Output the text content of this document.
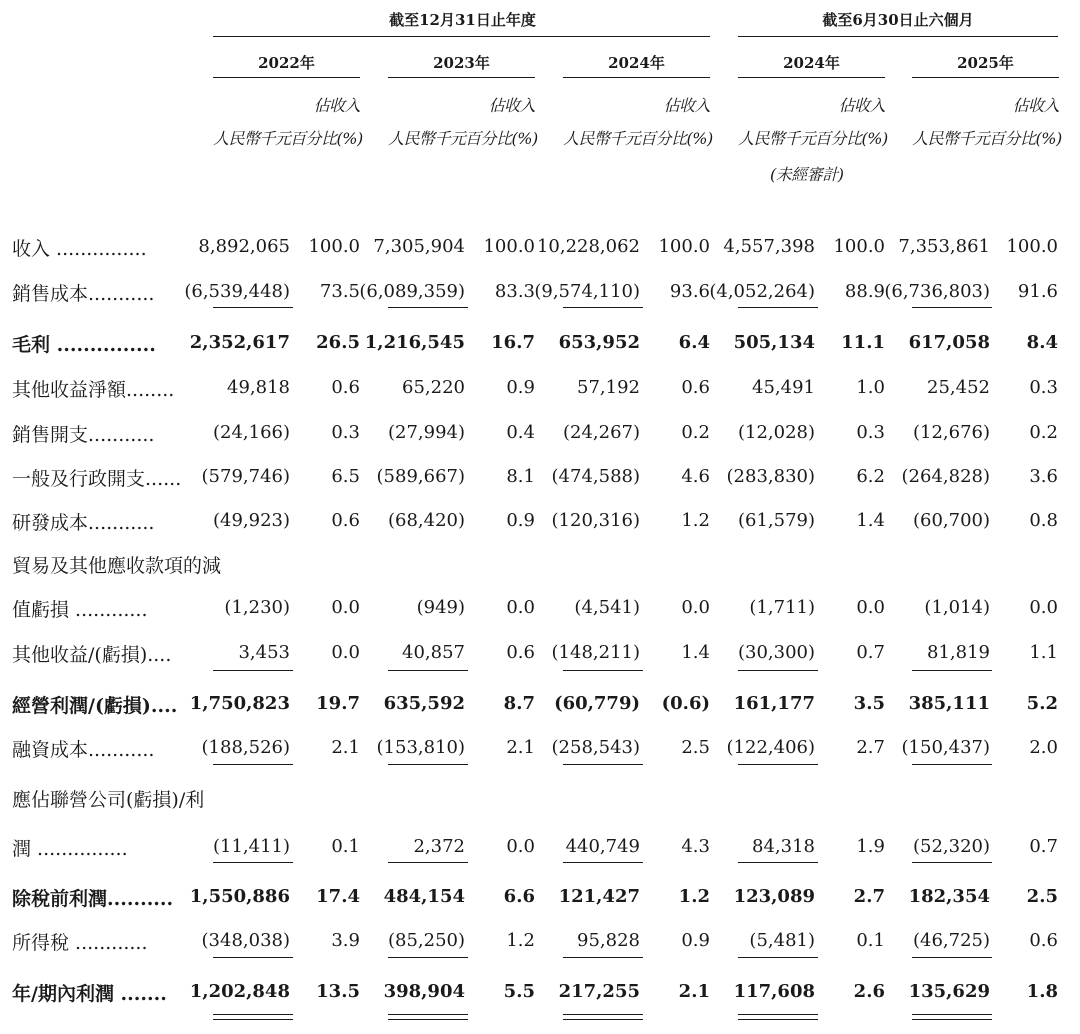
截至12月31日止年度	截至6月30日止六個月
2022年	2023年	2024年	2024年	2025年
佔收入	佔收入	佔收入	佔收入	佔收入
人民幣千元 百分比(%) 人民幣千元 百分比(%) 人民幣千元 百分比(%) 人民幣千元 百分比(%) 人民幣千元 百分比(%)
(未經審計)
收入 ...............	8,892,065	100.0 7,305,904	100.0 10,228,062	100.0 4,557,398	100.0 7,353,861 100.0
銷售成本...........	(6,539,448)	73.5 (6,089,359)	83.3 (9,574,110)	93.6 (4,052,264)	88.9 (6,736,803)	91.6
毛利 ...............	2,352,617	26.5 1,216,545	16.7	653,952	6.4	505,134	11.1	617,058	8.4
其他收益淨額........	49,818	0.6	65,220	0.9	57,192	0.6	45,491	1.0	25,452	0.3
銷售開支...........	(24,166)	0.3	(27,994)	0.4	(24,267)	0.2	(12,028)	0.3	(12,676)	0.2
一般及行政開支......	(579,746)	6.5 (589,667)	8.1 (474,588)	4.6 (283,830)	6.2 (264,828)	3.6
研發成本...........	(49,923)	0.6	(68,420)	0.9 (120,316)	1.2	(61,579)	1.4	(60,700)	0.8
貿易及其他應收款項的減
值虧損 ............	(1,230)	0.0	(949)	0.0	(4,541)	0.0	(1,711)	0.0	(1,014)	0.0
其他收益/(虧損)....	3,453	0.0	40,857	0.6 (148,211)	1.4	(30,300)	0.7	81,819	1.1
經營利潤/(虧損).... 1,750,823	19.7	635,592	8.7	(60,779)	(0.6)	161,177	3.5	385,111	5.2
融資成本...........	(188,526)	2.1 (153,810)	2.1 (258,543)	2.5 (122,406)	2.7 (150,437)	2.0
應佔聯營公司(虧損)/利
潤 ...............	(11,411)	0.1	2,372	0.0	440,749	4.3	84,318	1.9	(52,320)	0.7
除稅前利潤.......... 1,550,886	17.4	484,154	6.6	121,427	1.2	123,089	2.7	182,354	2.5
所得稅 ............	(348,038)	3.9	(85,250)	1.2	95,828	0.9	(5,481)	0.1	(46,725)	0.6
年/期內利潤 .......	1,202,848	13.5	398,904	5.5	217,255	2.1	117,608	2.6	135,629	1.8
